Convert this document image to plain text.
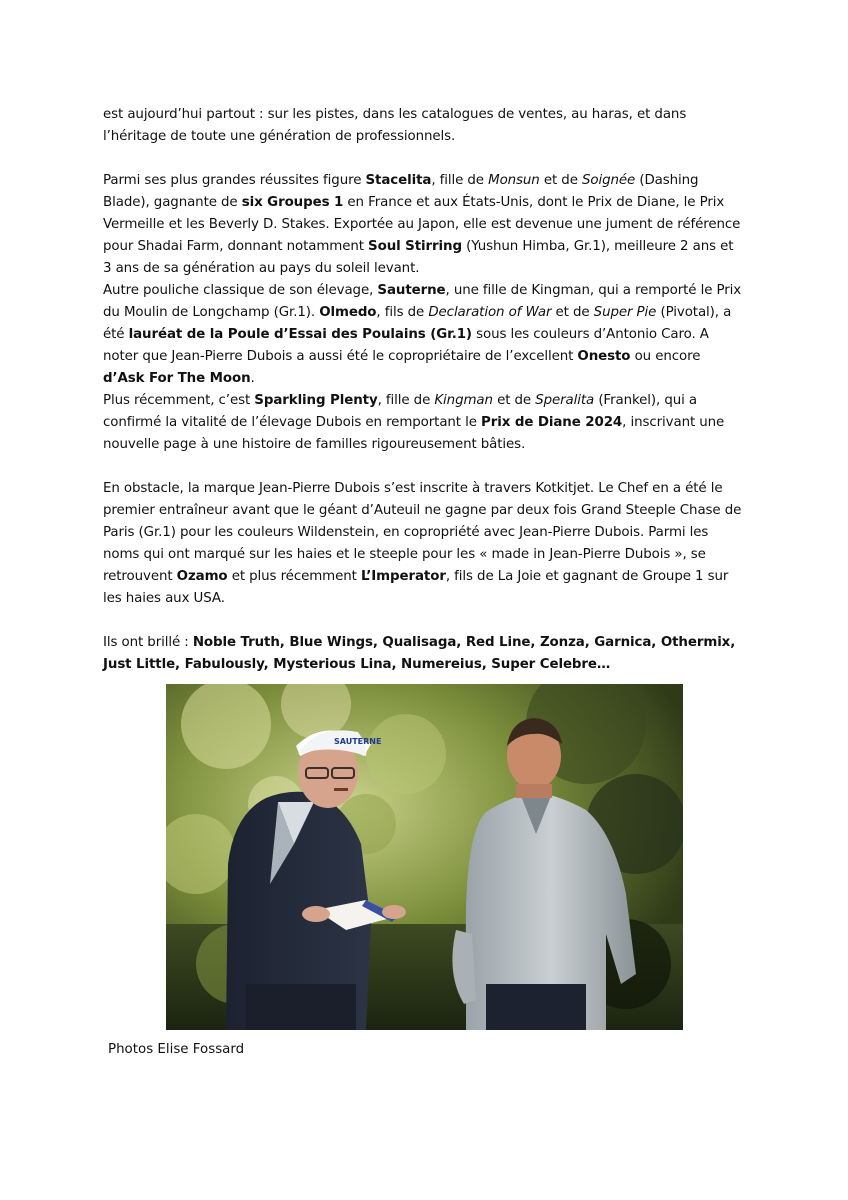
est aujourd’hui partout : sur les pistes, dans les catalogues de ventes, au haras, et dans l’héritage de toute une génération de professionnels.

Parmi ses plus grandes réussites figure Stacelita, fille de Monsun et de Soignée (Dashing Blade), gagnante de six Groupes 1 en France et aux États-Unis, dont le Prix de Diane, le Prix Vermeille et les Beverly D. Stakes. Exportée au Japon, elle est devenue une jument de référence pour Shadai Farm, donnant notamment Soul Stirring (Yushun Himba, Gr.1), meilleure 2 ans et 3 ans de sa génération au pays du soleil levant.

Autre pouliche classique de son élevage, Sauterne, une fille de Kingman, qui a remporté le Prix du Moulin de Longchamp (Gr.1). Olmedo, fils de Declaration of War et de Super Pie (Pivotal), a été lauréat de la Poule d’Essai des Poulains (Gr.1) sous les couleurs d’Antonio Caro. A noter que Jean-Pierre Dubois a aussi été le copropriétaire de l’excellent Onesto ou encore d’Ask For The Moon.

Plus récemment, c’est Sparkling Plenty, fille de Kingman et de Speralita (Frankel), qui a confirmé la vitalité de l’élevage Dubois en remportant le Prix de Diane 2024, inscrivant une nouvelle page à une histoire de familles rigoureusement bâties.

En obstacle, la marque Jean-Pierre Dubois s’est inscrite à travers Kotkitjet. Le Chef en a été le premier entraîneur avant que le géant d’Auteuil ne gagne par deux fois Grand Steeple Chase de Paris (Gr.1) pour les couleurs Wildenstein, en copropriété avec Jean-Pierre Dubois. Parmi les noms qui ont marqué sur les haies et le steeple pour les « made in Jean-Pierre Dubois », se retrouvent Ozamo et plus récemment L’Imperator, fils de La Joie et gagnant de Groupe 1 sur les haies aux USA.

Ils ont brillé : Noble Truth, Blue Wings, Qualisaga, Red Line, Zonza, Garnica, Othermix, Just Little, Fabulously, Mysterious Lina, Numereius, Super Celebre…

SAUTERNE
Photos Elise Fossard
